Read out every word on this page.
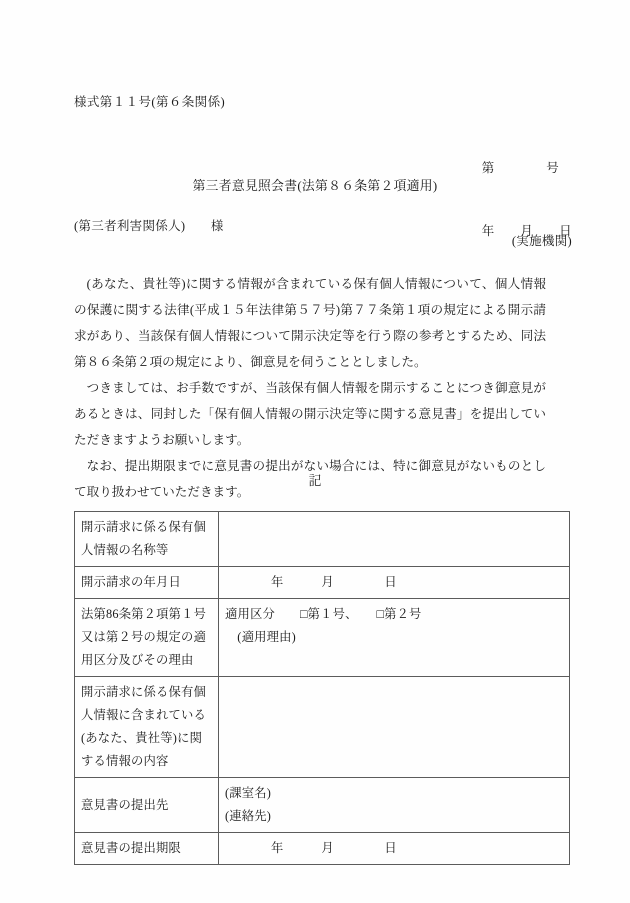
様式第１１号(第６条関係)

第　　　　号

年　　月　　日

第三者意見照会書(法第８６条第２項適用)
(第三者利害関係人)　　様
(実施機関)

(あなた、貴社等)に関する情報が含まれている保有個人情報について、個人情報の保護に関する法律(平成１５年法律第５７号)第７７条第１項の規定による開示請求があり、当該保有個人情報について開示決定等を行う際の参考とするため、同法第８６条第２項の規定により、御意見を伺うこととしました。

つきましては、お手数ですが、当該保有個人情報を開示することにつき御意見があるときは、同封した「保有個人情報の開示決定等に関する意見書」を提出していただきますようお願いします。

なお、提出期限までに意見書の提出がない場合には、特に御意見がないものとして取り扱わせていただきます。

記
開示請求に係る保有個人情報の名称等	
開示請求の年月日	年　　　月　　　　日

法第86条第２項第１号又は第２号の規定の適用区分及びその理由	適用区分　　□第１号、　　□第２号
(適用理由)

開示請求に係る保有個人情報に含まれている(あなた、貴社等)に関する情報の内容	
意見書の提出先	(課室名)
(連絡先)

意見書の提出期限	年　　　月　　　　日
